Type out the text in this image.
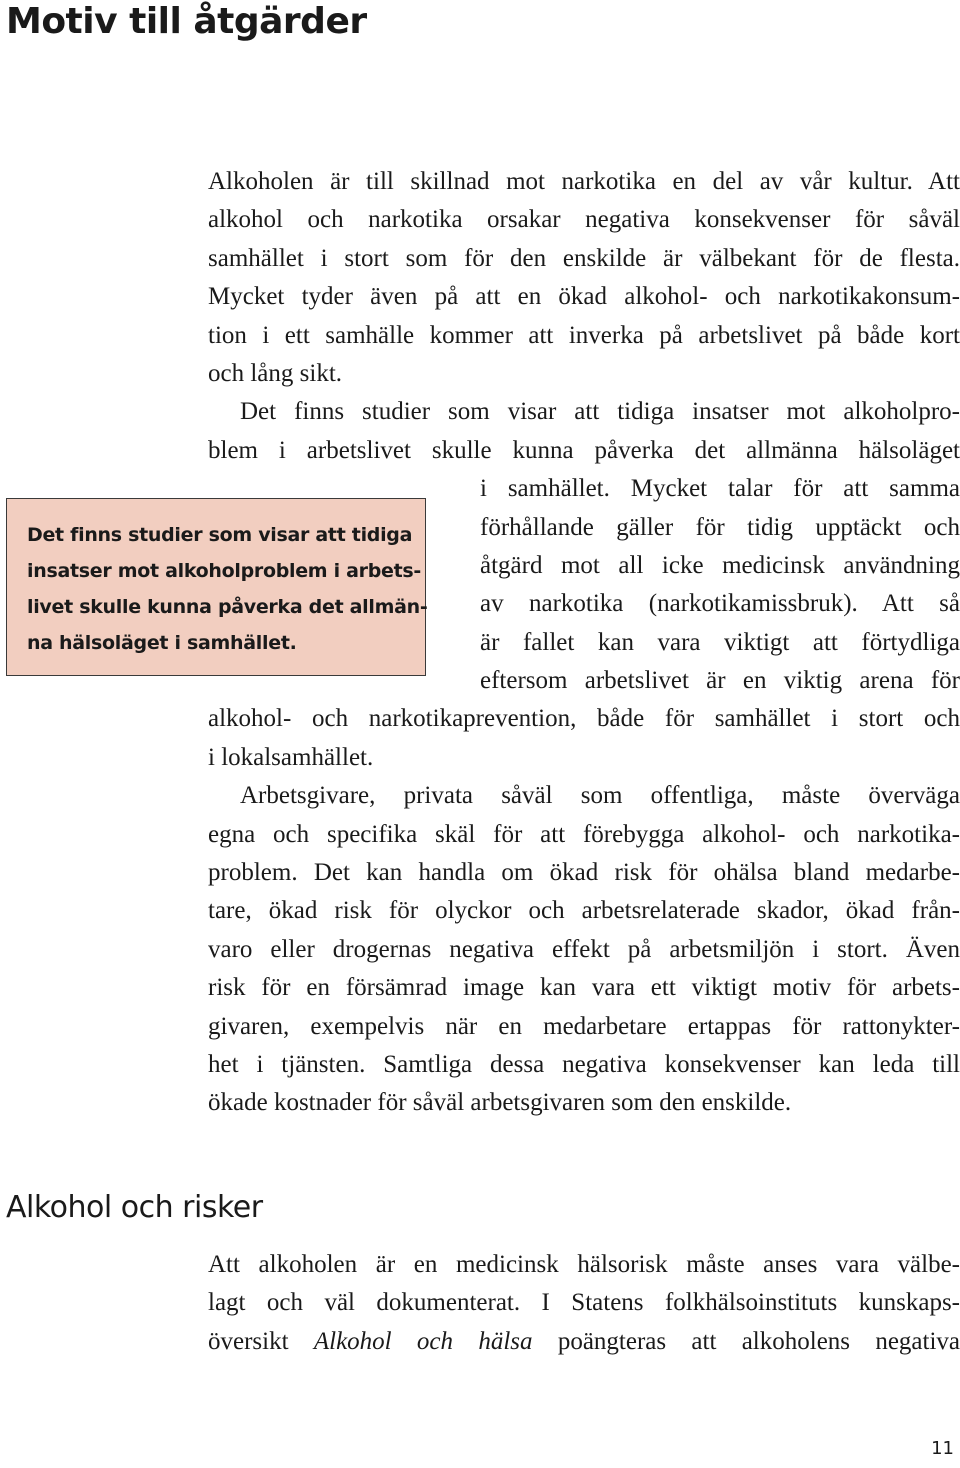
Motiv till åtgärder
Alkoholen är till skillnad mot narkotika en del av vår kultur. Att
alkohol och narkotika orsakar negativa konsekvenser för såväl
samhället i stort som för den enskilde är välbekant för de flesta.
Mycket tyder även på att en ökad alkohol- och narkotikakonsum-
tion i ett samhälle kommer att inverka på arbetslivet på både kort
och lång sikt.
Det finns studier som visar att tidiga insatser mot alkoholpro-
blem i arbetslivet skulle kunna påverka det allmänna hälsoläget
i samhället. Mycket talar för att samma
förhållande gäller för tidig upptäckt och
åtgärd mot all icke medicinsk användning
av narkotika (narkotikamissbruk). Att så
är fallet kan vara viktigt att förtydliga
eftersom arbetslivet är en viktig arena för
alkohol- och narkotikaprevention, både för samhället i stort och
i lokalsamhället.
Arbetsgivare, privata såväl som offentliga, måste överväga
egna och specifika skäl för att förebygga alkohol- och narkotika-
problem. Det kan handla om ökad risk för ohälsa bland medarbe-
tare, ökad risk för olyckor och arbetsrelaterade skador, ökad från-
varo eller drogernas negativa effekt på arbetsmiljön i stort. Även
risk för en försämrad image kan vara ett viktigt motiv för arbets-
givaren, exempelvis när en medarbetare ertappas för rattonykter-
het i tjänsten. Samtliga dessa negativa konsekvenser kan leda till
ökade kostnader för såväl arbetsgivaren som den enskilde.
Det finns studier som visar att tidiga
insatser mot alkoholproblem i arbets-
livet skulle kunna påverka det allmän-
na hälsoläget i samhället.
Alkohol och risker
Att alkoholen är en medicinsk hälsorisk måste anses vara välbe-
lagt och väl dokumenterat. I Statens folkhälsoinstituts kunskaps-
översikt Alkohol och hälsa poängteras att alkoholens negativa
11
